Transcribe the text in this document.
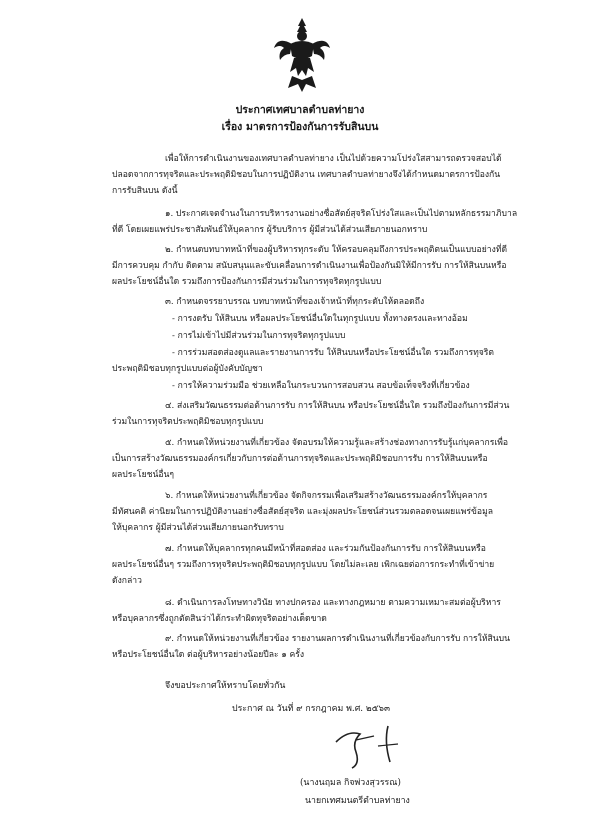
ประกาศเทศบาลตำบลท่ายาง
เรื่อง มาตรการป้องกันการรับสินบน
เพื่อให้การดำเนินงานของเทศบาลตำบลท่ายาง เป็นไปด้วยความโปร่งใสสามารถตรวจสอบได้
ปลอดจากการทุจริตและประพฤติมิชอบในการปฏิบัติงาน เทศบาลตำบลท่ายางจึงได้กำหนดมาตรการป้องกัน
การรับสินบน ดังนี้
๑. ประกาศเจตจำนงในการบริหารงานอย่างซื่อสัตย์สุจริตโปร่งใสและเป็นไปตามหลักธรรมาภิบาล
ที่ดี โดยเผยแพร่ประชาสัมพันธ์ให้บุคลากร ผู้รับบริการ ผู้มีส่วนได้ส่วนเสียภายนอกทราบ
๒. กำหนดบทบาทหน้าที่ของผู้บริหารทุกระดับ ให้ครอบคลุมถึงการประพฤติตนเป็นแบบอย่างที่ดี
มีการควบคุม กำกับ ติดตาม สนับสนุนและขับเคลื่อนการดำเนินงานเพื่อป้องกันมิให้มีการรับ การให้สินบนหรือ
ผลประโยชน์อื่นใด รวมถึงการป้องกันการมีส่วนร่วมในการทุจริตทุกรูปแบบ
๓. กำหนดจรรยาบรรณ บทบาทหน้าที่ของเจ้าหน้าที่ทุกระดับให้ตลอดถึง
- การงดรับ ให้สินบน หรือผลประโยชน์อื่นใดในทุกรูปแบบ ทั้งทางตรงและทางอ้อม
- การไม่เข้าไปมีส่วนร่วมในการทุจริตทุกรูปแบบ
- การร่วมสอดส่องดูแลและรายงานการรับ ให้สินบนหรือประโยชน์อื่นใด รวมถึงการทุจริต
ประพฤติมิชอบทุกรูปแบบต่อผู้บังคับบัญชา
- การให้ความร่วมมือ ช่วยเหลือในกระบวนการสอบสวน สอบข้อเท็จจริงที่เกี่ยวข้อง
๔. ส่งเสริมวัฒนธรรมต่อต้านการรับ การให้สินบน หรือประโยชน์อื่นใด รวมถึงป้องกันการมีส่วน
ร่วมในการทุจริตประพฤติมิชอบทุกรูปแบบ
๕. กำหนดให้หน่วยงานที่เกี่ยวข้อง จัดอบรมให้ความรู้และสร้างช่องทางการรับรู้แก่บุคลากรเพื่อ
เป็นการสร้างวัฒนธรรมองค์กรเกี่ยวกับการต่อต้านการทุจริตและประพฤติมิชอบการรับ การให้สินบนหรือ
ผลประโยชน์อื่นๆ
๖. กำหนดให้หน่วยงานที่เกี่ยวข้อง จัดกิจกรรมเพื่อเสริมสร้างวัฒนธรรมองค์กรให้บุคลากร
มีทัศนคติ ค่านิยมในการปฏิบัติงานอย่างซื่อสัตย์สุจริต และมุ่งผลประโยชน์ส่วนรวมตลอดจนเผยแพร่ข้อมูล
ให้บุคลากร ผู้มีส่วนได้ส่วนเสียภายนอกรับทราบ
๗. กำหนดให้บุคลากรทุกคนมีหน้าที่สอดส่อง และร่วมกันป้องกันการรับ การให้สินบนหรือ
ผลประโยชน์อื่นๆ รวมถึงการทุจริตประพฤติมิชอบทุกรูปแบบ โดยไม่ละเลย เพิกเฉยต่อการกระทำที่เข้าข่าย
ดังกล่าว
๘. ดำเนินการลงโทษทางวินัย ทางปกครอง และทางกฎหมาย ตามความเหมาะสมต่อผู้บริหาร
หรือบุคลากรซึ่งถูกตัดสินว่าได้กระทำผิดทุจริตอย่างเด็ดขาด
๙. กำหนดให้หน่วยงานที่เกี่ยวข้อง รายงานผลการดำเนินงานที่เกี่ยวข้องกับการรับ การให้สินบน
หรือประโยชน์อื่นใด ต่อผู้บริหารอย่างน้อยปีละ ๑ ครั้ง
จึงขอประกาศให้ทราบโดยทั่วกัน
ประกาศ ณ วันที่ ๙ กรกฎาคม พ.ศ. ๒๕๖๓
(นางนฤมล กิจพ่วงสุวรรณ)
นายกเทศมนตรีตำบลท่ายาง
